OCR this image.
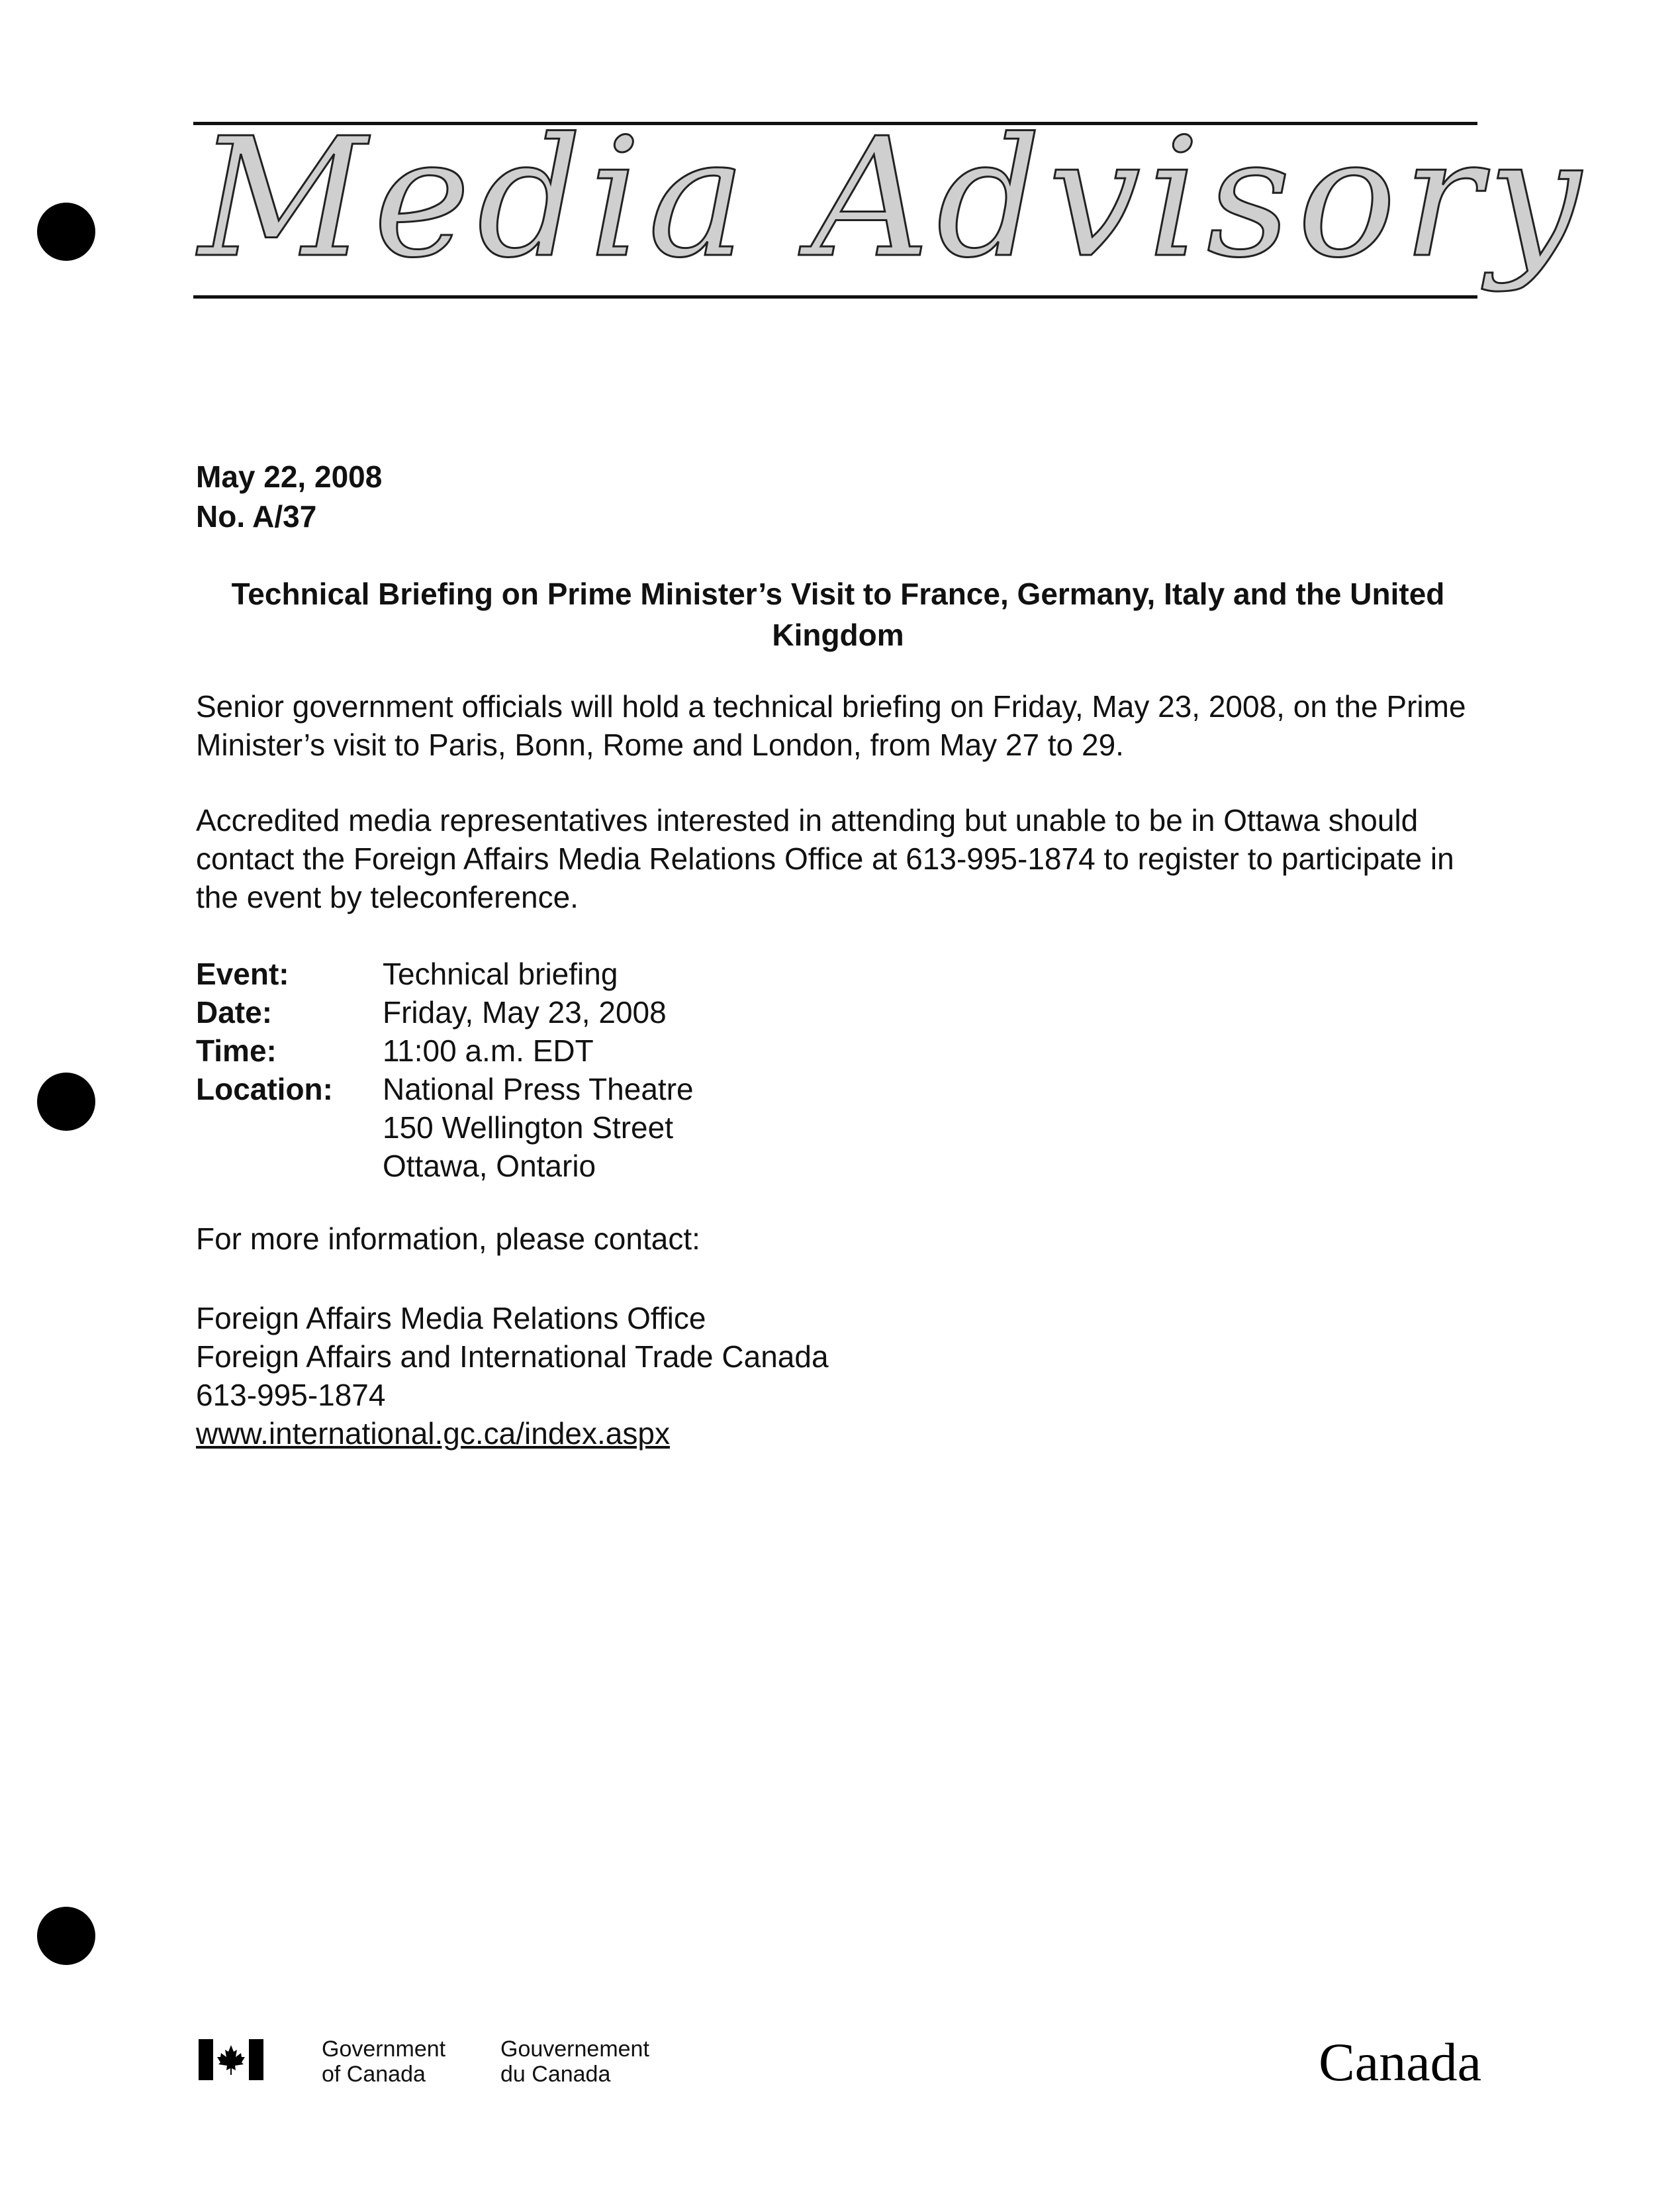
Media Advisory
May 22, 2008
No. A/37
Technical Briefing on Prime Minister’s Visit to France, Germany, Italy and the United Kingdom
Senior government officials will hold a technical briefing on Friday, May 23, 2008, on the Prime Minister’s visit to Paris, Bonn, Rome and London, from May 27 to 29.
Accredited media representatives interested in attending but unable to be in Ottawa should contact the Foreign Affairs Media Relations Office at 613-995-1874 to register to participate in the event by teleconference.
Event:	Technical briefing
Date:	Friday, May 23, 2008
Time:	11:00 a.m. EDT
Location:	National Press Theatre
150 Wellington Street
Ottawa, Ontario
For more information, please contact:
Foreign Affairs Media Relations Office
Foreign Affairs and International Trade Canada
613-995-1874
www.international.gc.ca/index.aspx
Government
of Canada
Gouvernement
du Canada	Canada
